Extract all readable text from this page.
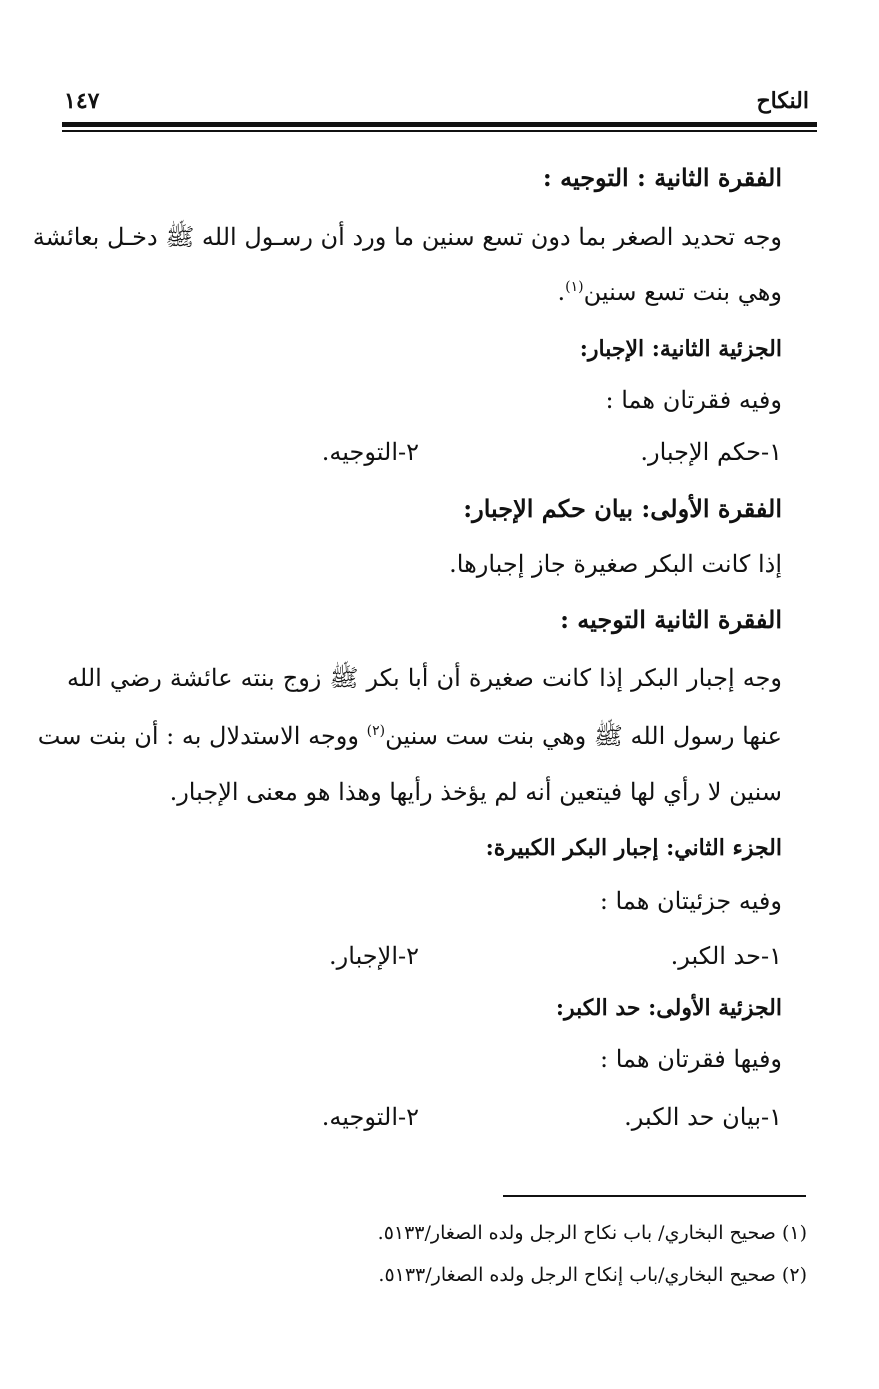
النكاح
١٤٧
الفقرة الثانية : التوجيه :
وجه تحديد الصغر بما دون تسع سنين ما ورد أن رسـول الله ﷺ دخـل بعائشة
وهي بنت تسع سنين$^{(١)}$.
الجزئية الثانية: الإجبار:
وفيه فقرتان هما :
١-حكم الإجبار.
٢-التوجيه.
الفقرة الأولى: بيان حكم الإجبار:
إذا كانت البكر صغيرة جاز إجبارها.
الفقرة الثانية التوجيه :
وجه إجبار البكر إذا كانت صغيرة أن أبا بكر ﷺ زوج بنته عائشة رضي الله
عنها رسول الله ﷺ وهي بنت ست سنين$^{(٢)}$ ووجه الاستدلال به : أن بنت ست
سنين لا رأي لها فيتعين أنه لم يؤخذ رأيها وهذا هو معنى الإجبار.
الجزء الثاني: إجبار البكر الكبيرة:
وفيه جزئيتان هما :
١-حد الكبر.
٢-الإجبار.
الجزئية الأولى: حد الكبر:
وفيها فقرتان هما :
١-بيان حد الكبر.
٢-التوجيه.
(١) صحيح البخاري/ باب نكاح الرجل ولده الصغار/٥١٣٣.
(٢) صحيح البخاري/باب إنكاح الرجل ولده الصغار/٥١٣٣.
